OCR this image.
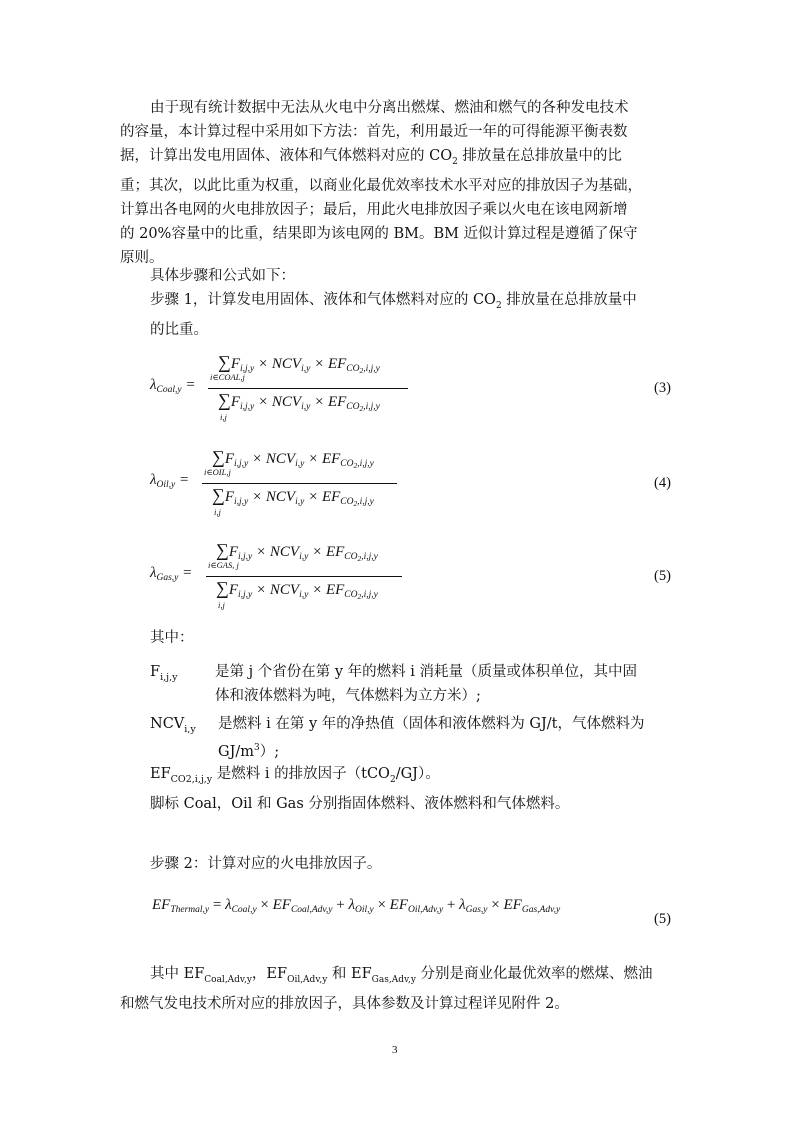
由于现有统计数据中无法从火电中分离出燃煤、燃油和燃气的各种发电技术
的容量，本计算过程中采用如下方法：首先，利用最近一年的可得能源平衡表数
据，计算出发电用固体、液体和气体燃料对应的 $CO_2$ 排放量在总排放量中的比
重；其次，以此比重为权重，以商业化最优效率技术水平对应的排放因子为基础，
计算出各电网的火电排放因子；最后，用此火电排放因子乘以火电在该电网新增
的 20%容量中的比重，结果即为该电网的 BM。BM 近似计算过程是遵循了保守
原则。
具体步骤和公式如下：
步骤 1，计算发电用固体、液体和气体燃料对应的 $CO_2$ 排放量在总排放量中
的比重。
$\lambda_{Coal,y}$ =
$\sum F_{i,j,y} \times NCV_{i,y} \times EF_{CO_2,i,j,y}$
i∈COAL,j
$\sum F_{i,j,y} \times NCV_{i,y} \times EF_{CO_2,i,j,y}$
i,j
(3)
$\lambda_{Oil,y}$ =
$\sum F_{i,j,y} \times NCV_{i,y} \times EF_{CO_2,i,j,y}$
i∈OIL,j
$\sum F_{i,j,y} \times NCV_{i,y} \times EF_{CO_2,i,j,y}$
i,j
(4)
$\lambda_{Gas,y}$ =
$\sum F_{i,j,y} \times NCV_{i,y} \times EF_{CO_2,i,j,y}$
i∈GAS, j
$\sum F_{i,j,y} \times NCV_{i,y} \times EF_{CO_2,i,j,y}$
i,j
(5)
其中：
$F_{i,j,y}$	是第 j 个省份在第 y 年的燃料 i 消耗量（质量或体积单位，其中固
体和液体燃料为吨，气体燃料为立方米）;
$NCV_{i,y}$ 是燃料 i 在第 y 年的净热值（固体和液体燃料为 GJ/t，气体燃料为
$GJ/m^3$）;
$EF_{CO2,i,j,y}$ 是燃料 i 的排放因子（tCO$_2$/GJ）。
脚标 Coal，Oil 和 Gas 分别指固体燃料、液体燃料和气体燃料。
步骤 2：计算对应的火电排放因子。
$EF_{Thermal,y} = \lambda_{Coal,y} \times EF_{Coal,Adv,y} + \lambda_{Oil,y} \times EF_{Oil,Adv,y} + \lambda_{Gas,y} \times EF_{Gas,Adv,y}$
(5)
其中 $EF_{Coal,Adv,y}$，$EF_{Oil,Adv,y}$ 和 $EF_{Gas,Adv,y}$ 分别是商业化最优效率的燃煤、燃油
和燃气发电技术所对应的排放因子，具体参数及计算过程详见附件 2。
3
